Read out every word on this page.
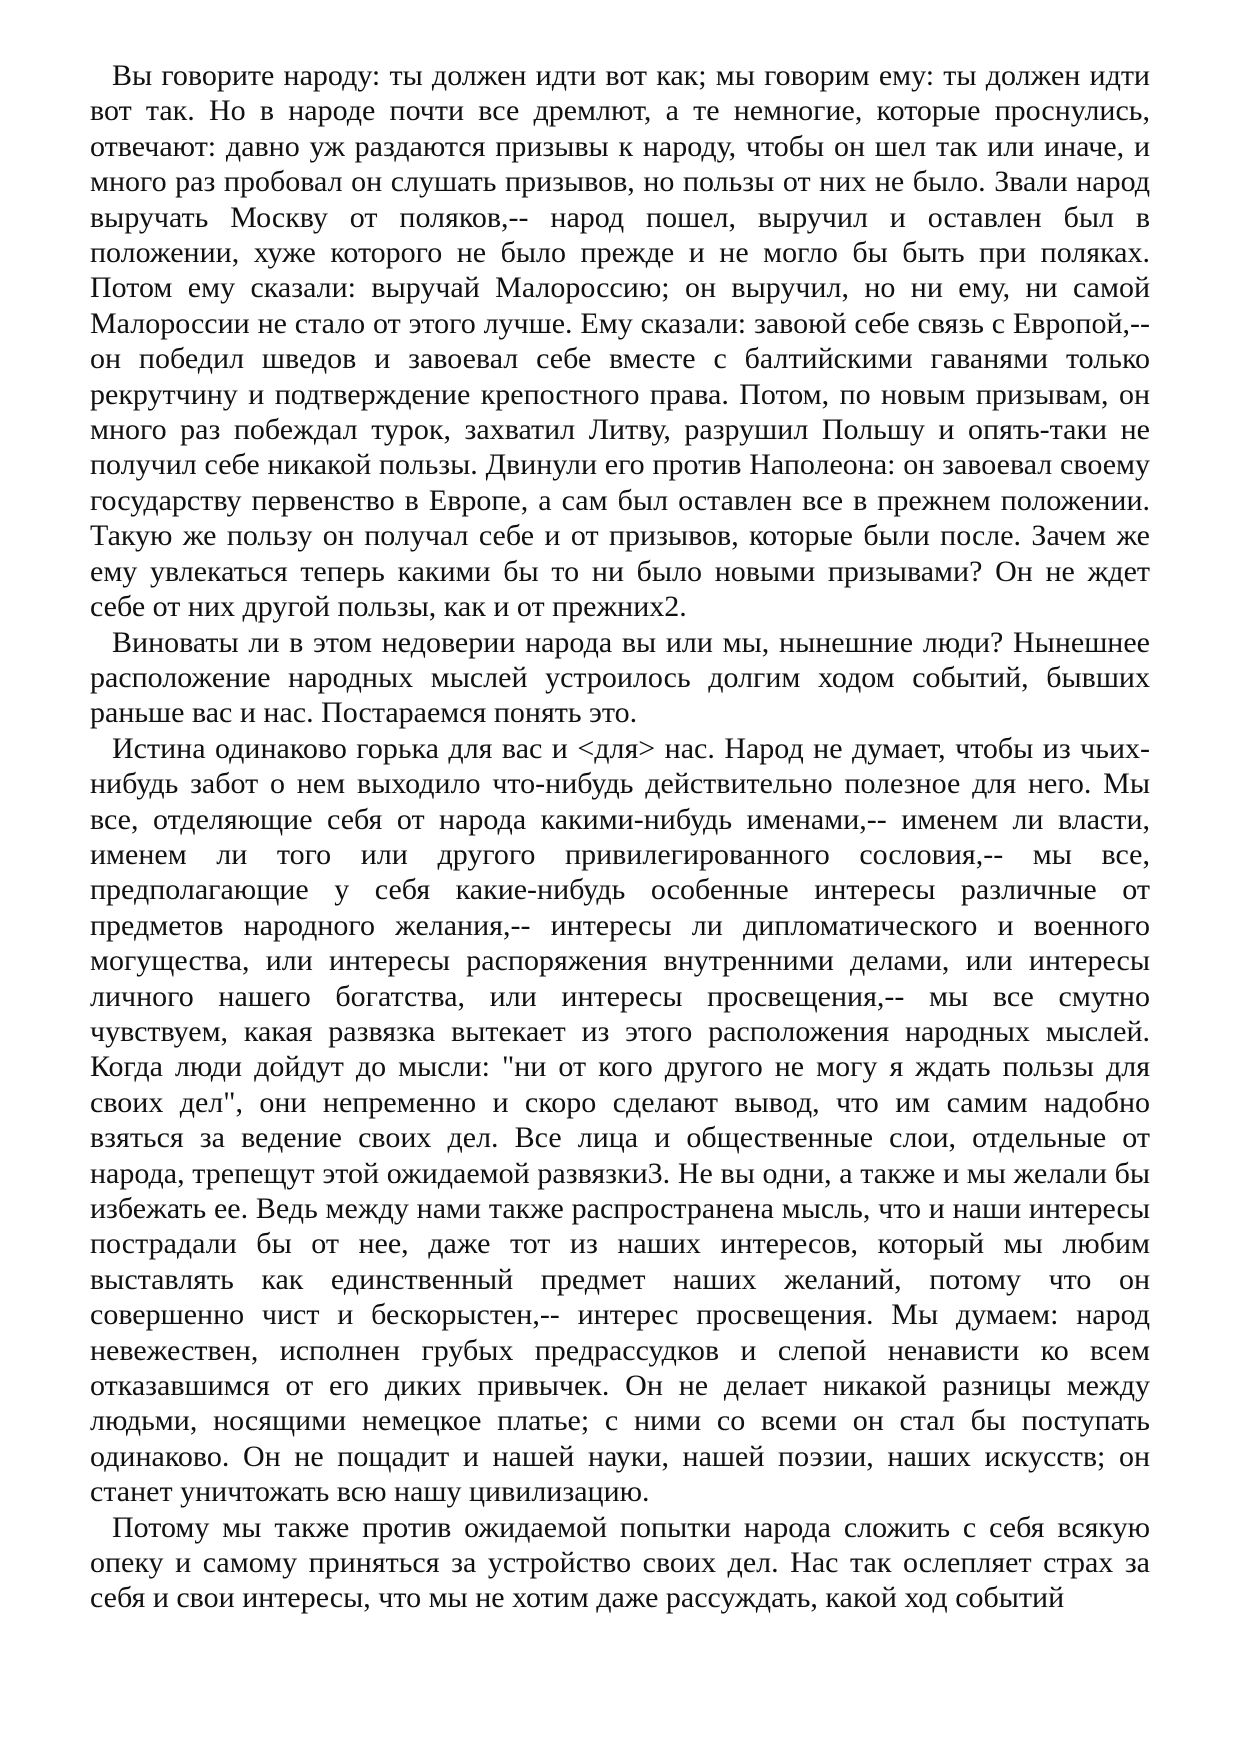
Вы говорите народу: ты должен идти вот как; мы говорим ему: ты должен идти вот так. Но в народе почти все дремлют, а те немногие, которые проснулись, отвечают: давно уж раздаются призывы к народу, чтобы он шел так или иначе, и много раз пробовал он слушать призывов, но пользы от них не было. Звали народ выручать Москву от поляков,-- народ пошел, выручил и оставлен был в положении, хуже которого не было прежде и не могло бы быть при поляках. Потом ему сказали: выручай Малороссию; он выручил, но ни ему, ни самой Малороссии не стало от этого лучше. Ему сказали: завоюй себе связь с Европой,-- он победил шведов и завоевал себе вместе с балтийскими гаванями только рекрутчину и подтверждение крепостного права. Потом, по новым призывам, он много раз побеждал турок, захватил Литву, разрушил Польшу и опять-таки не получил себе никакой пользы. Двинули его против Наполеона: он завоевал своему государству первенство в Европе, а сам был оставлен все в прежнем положении. Такую же пользу он получал себе и от призывов, которые были после. Зачем же ему увлекаться теперь какими бы то ни было новыми призывами? Он не ждет себе от них другой пользы, как и от прежних2.

Виноваты ли в этом недоверии народа вы или мы, нынешние люди? Нынешнее расположение народных мыслей устроилось долгим ходом событий, бывших раньше вас и нас. Постараемся понять это.

Истина одинаково горька для вас и <для> нас. Народ не думает, чтобы из чьих-нибудь забот о нем выходило что-нибудь действительно полезное для него. Мы все, отделяющие себя от народа какими-нибудь именами,-- именем ли власти, именем ли того или другого привилегированного сословия,-- мы все, предполагающие у себя какие-нибудь особенные интересы различные от предметов народного желания,-- интересы ли дипломатического и военного могущества, или интересы распоряжения внутренними делами, или интересы личного нашего богатства, или интересы просвещения,-- мы все смутно чувствуем, какая развязка вытекает из этого расположения народных мыслей. Когда люди дойдут до мысли: "ни от кого другого не могу я ждать пользы для своих дел", они непременно и скоро сделают вывод, что им самим надобно взяться за ведение своих дел. Все лица и общественные слои, отдельные от народа, трепещут этой ожидаемой развязки3. Не вы одни, а также и мы желали бы избежать ее. Ведь между нами также распространена мысль, что и наши интересы пострадали бы от нее, даже тот из наших интересов, который мы любим выставлять как единственный предмет наших желаний, потому что он совершенно чист и бескорыстен,-- интерес просвещения. Мы думаем: народ невежествен, исполнен грубых предрассудков и слепой ненависти ко всем отказавшимся от его диких привычек. Он не делает никакой разницы между людьми, носящими немецкое платье; с ними со всеми он стал бы поступать одинаково. Он не пощадит и нашей науки, нашей поэзии, наших искусств; он станет уничтожать всю нашу цивилизацию.

Потому мы также против ожидаемой попытки народа сложить с себя всякую опеку и самому приняться за устройство своих дел. Нас так ослепляет страх за себя и свои интересы, что мы не хотим даже рассуждать, какой ход событий
